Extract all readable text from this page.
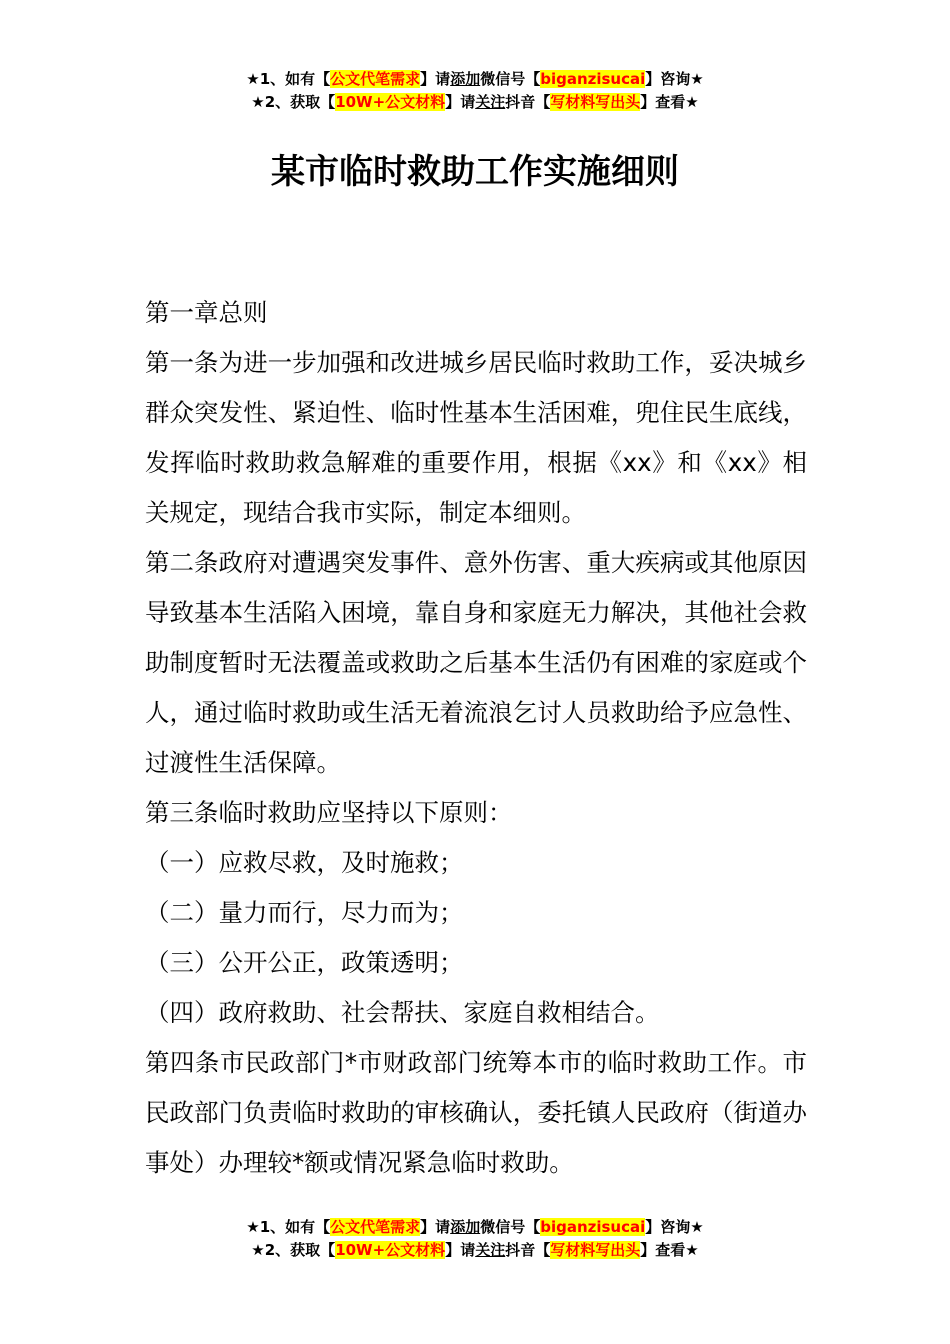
★1、如有【公文代笔需求】请添加微信号【biganzisucai】咨询★
★2、获取【10W+公文材料】请关注抖音【写材料写出头】查看★
某市临时救助工作实施细则

第一章总则

第一条为进一步加强和改进城乡居民临时救助工作，妥决城乡群众突发性、紧迫性、临时性基本生活困难，兜住民生底线，发挥临时救助救急解难的重要作用，根据《xx》和《xx》相关规定，现结合我市实际，制定本细则。

第二条政府对遭遇突发事件、意外伤害、重大疾病或其他原因导致基本生活陷入困境，靠自身和家庭无力解决，其他社会救助制度暂时无法覆盖或救助之后基本生活仍有困难的家庭或个人，通过临时救助或生活无着流浪乞讨人员救助给予应急性、过渡性生活保障。

第三条临时救助应坚持以下原则：

（一）应救尽救，及时施救；

（二）量力而行，尽力而为；

（三）公开公正，政策透明；

（四）政府救助、社会帮扶、家庭自救相结合。

第四条市民政部门*市财政部门统筹本市的临时救助工作。市民政部门负责临时救助的审核确认，委托镇人民政府（街道办事处）办理较*额或情况紧急临时救助。

★1、如有【公文代笔需求】请添加微信号【biganzisucai】咨询★
★2、获取【10W+公文材料】请关注抖音【写材料写出头】查看★
